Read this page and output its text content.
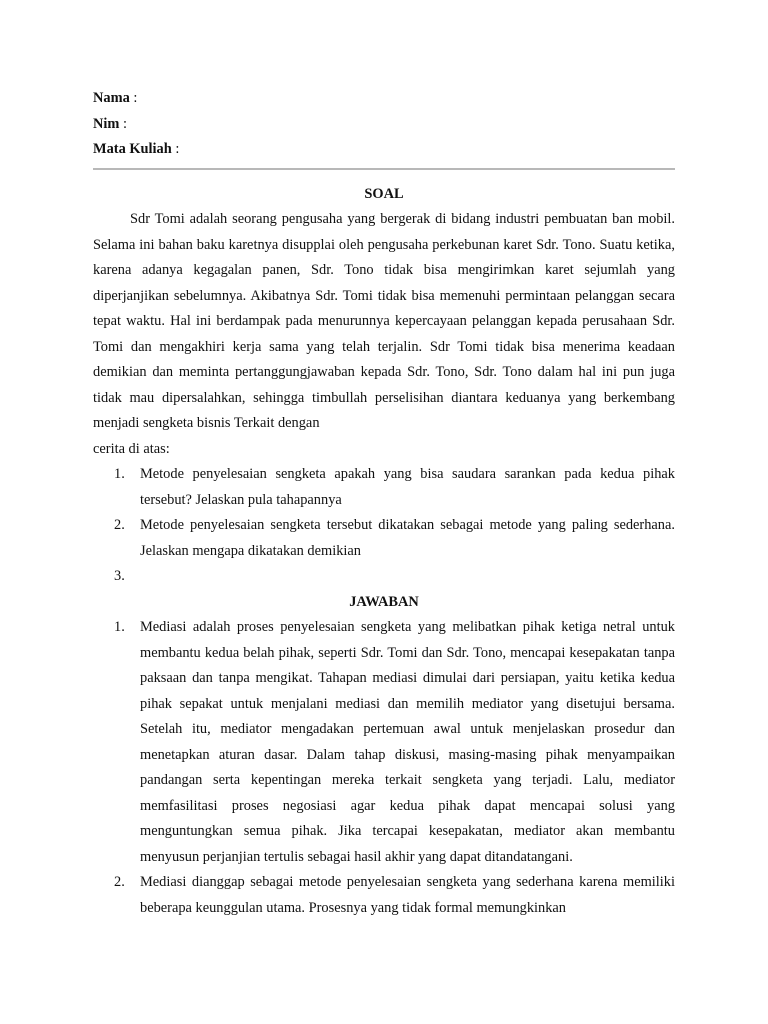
Nama :

Nim :

Mata Kuliah :

SOAL

Sdr Tomi adalah seorang pengusaha yang bergerak di bidang industri pembuatan ban mobil. Selama ini bahan baku karetnya disupplai oleh pengusaha perkebunan karet Sdr. Tono. Suatu ketika, karena adanya kegagalan panen, Sdr. Tono tidak bisa mengirimkan karet sejumlah yang diperjanjikan sebelumnya. Akibatnya Sdr. Tomi tidak bisa memenuhi permintaan pelanggan secara tepat waktu. Hal ini berdampak pada menurunnya kepercayaan pelanggan kepada perusahaan Sdr. Tomi dan mengakhiri kerja sama yang telah terjalin. Sdr Tomi tidak bisa menerima keadaan demikian dan meminta pertanggungjawaban kepada Sdr. Tono, Sdr. Tono dalam hal ini pun juga tidak mau dipersalahkan, sehingga timbullah perselisihan diantara keduanya yang berkembang menjadi sengketa bisnis Terkait dengan

cerita di atas:

1. Metode penyelesaian sengketa apakah yang bisa saudara sarankan pada kedua pihak tersebut? Jelaskan pula tahapannya
2. Metode penyelesaian sengketa tersebut dikatakan sebagai metode yang paling sederhana. Jelaskan mengapa dikatakan demikian
3.

JAWABAN

1. Mediasi adalah proses penyelesaian sengketa yang melibatkan pihak ketiga netral untuk membantu kedua belah pihak, seperti Sdr. Tomi dan Sdr. Tono, mencapai kesepakatan tanpa paksaan dan tanpa mengikat. Tahapan mediasi dimulai dari persiapan, yaitu ketika kedua pihak sepakat untuk menjalani mediasi dan memilih mediator yang disetujui bersama. Setelah itu, mediator mengadakan pertemuan awal untuk menjelaskan prosedur dan menetapkan aturan dasar. Dalam tahap diskusi, masing-masing pihak menyampaikan pandangan serta kepentingan mereka terkait sengketa yang terjadi. Lalu, mediator memfasilitasi proses negosiasi agar kedua pihak dapat mencapai solusi yang menguntungkan semua pihak. Jika tercapai kesepakatan, mediator akan membantu menyusun perjanjian tertulis sebagai hasil akhir yang dapat ditandatangani.
2. Mediasi dianggap sebagai metode penyelesaian sengketa yang sederhana karena memiliki beberapa keunggulan utama. Prosesnya yang tidak formal memungkinkan
